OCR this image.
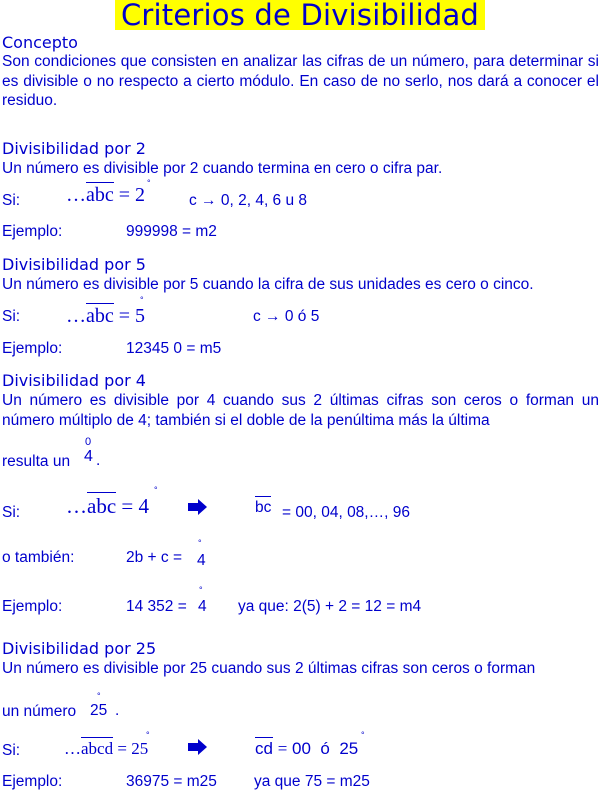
Criterios de Divisibilidad
Concepto
Son condiciones que consisten en analizar las cifras de un número, para determinar si es divisible o no respecto a cierto módulo. En caso de no serlo, nos dará a conocer el residuo.
Divisibilidad por 2
Un número es divisible por 2 cuando termina en cero o cifra par.
Si: …abc = 2
°
c → 0, 2, 4, 6 u 8
Ejemplo:	999998 = m2
Divisibilidad por 5
Un número es divisible por 5 cuando la cifra de sus unidades es cero o cinco.
Si: …abc = 5
°
c → 0 ó 5
Ejemplo:	12345 0 = m5
Divisibilidad por 4
Un número es divisible por 4 cuando sus 2 últimas cifras son ceros o forman un número múltiplo de 4; también si el doble de la penúltima más la última
resulta un
0
4 .
Si: …abc = 4
°
bc = 00, 04, 08,…, 96
o también:	2b + c =
°
4
Ejemplo:	14 352 =
°
4 ya que: 2(5) + 2 = 12 = m4
Divisibilidad por 25
Un número es divisible por 25 cuando sus 2 últimas cifras son ceros o forman
un número
°
25 .
Si:	…abcd = 25
°
cd = 00 ó 25
°
Ejemplo:	36975 = m25 ya que 75 = m25
